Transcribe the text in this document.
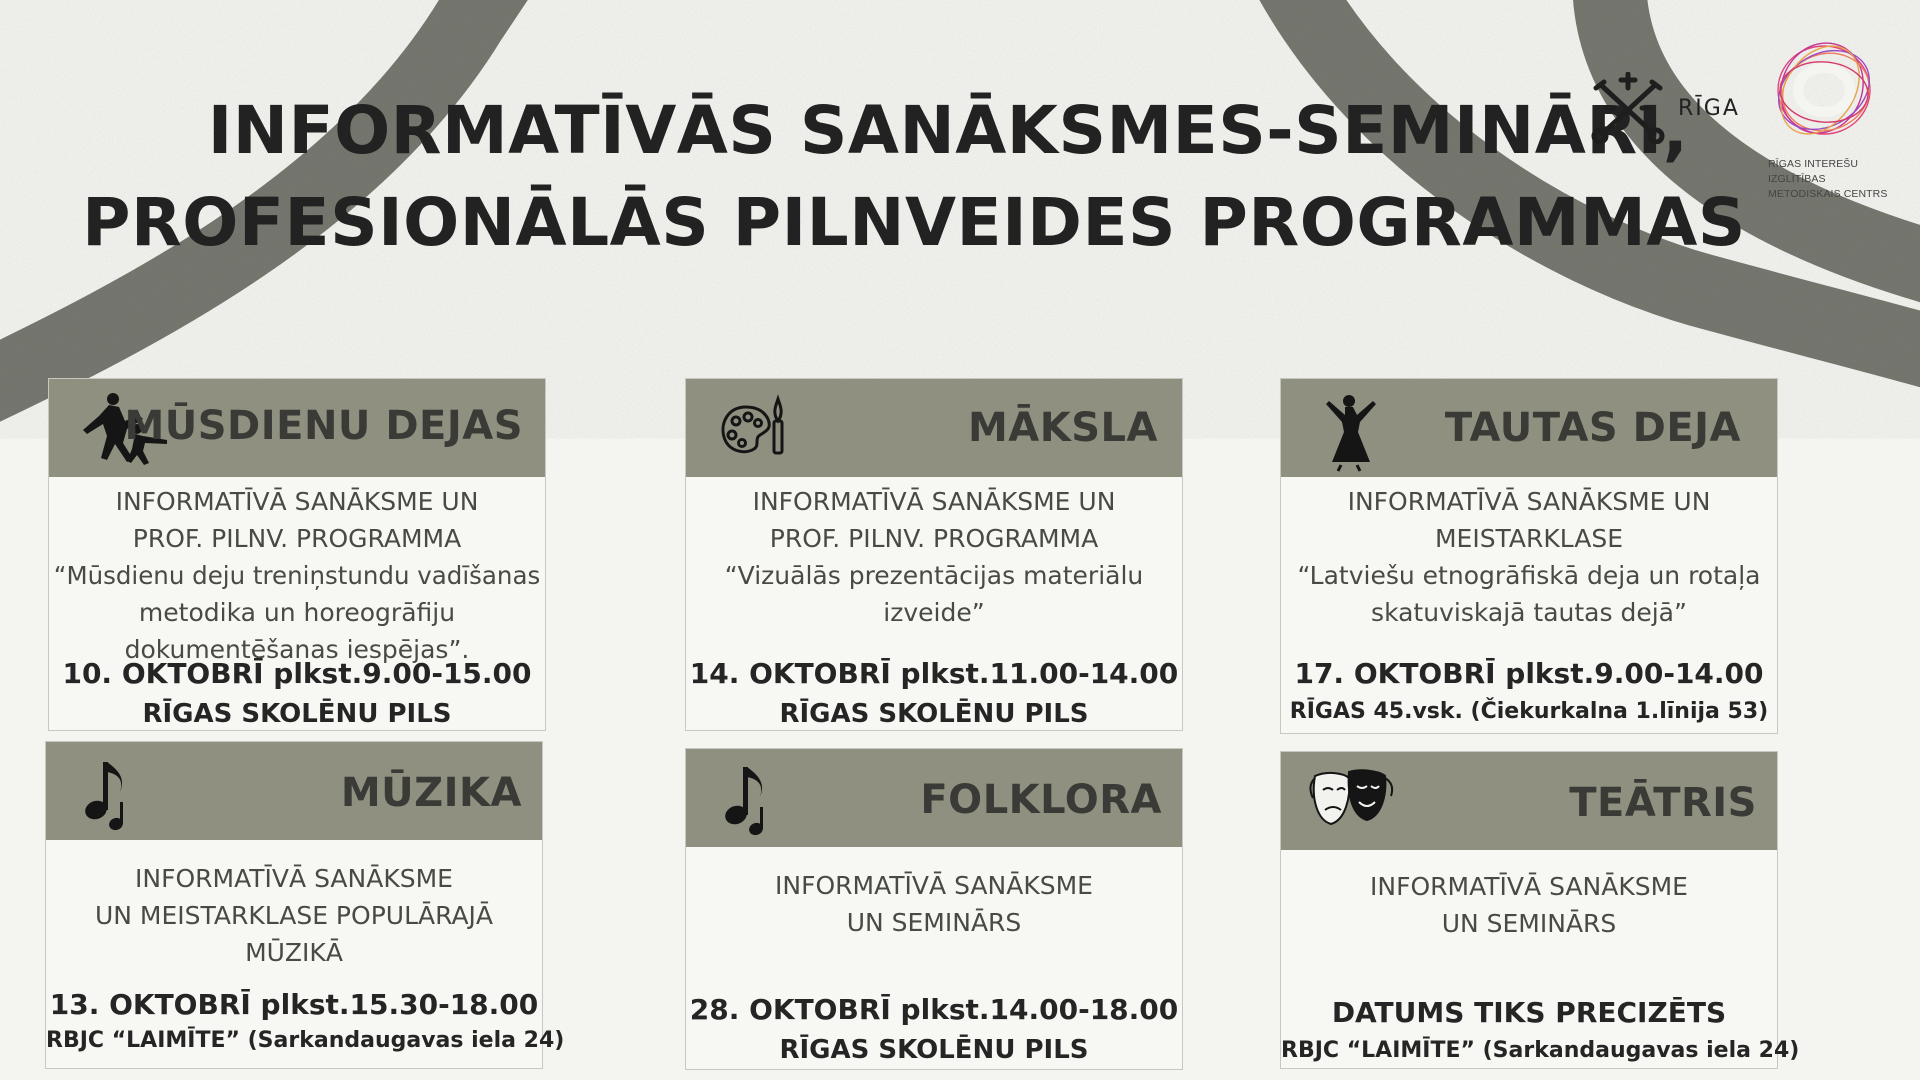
INFORMATĪVĀS SANĀKSMES-SEMINĀRI,
PROFESIONĀLĀS PILNVEIDES PROGRAMMAS
RĪGA
RĪGAS INTEREŠU IZGLĪTĪBAS
METODISKAIS CENTRS
MŪSDIENU DEJAS
INFORMATĪVĀ SANĀKSME UN
PROF. PILNV. PROGRAMMA
“Mūsdienu deju treniņstundu vadīšanas
metodika un horeogrāfiju
dokumentēšanas iespējas”.
10. OKTOBRĪ plkst.9.00-15.00
RĪGAS SKOLĒNU PILS
MĀKSLA
INFORMATĪVĀ SANĀKSME UN
PROF. PILNV. PROGRAMMA
“Vizuālās prezentācijas materiālu
izveide”
14. OKTOBRĪ plkst.11.00-14.00
RĪGAS SKOLĒNU PILS
TAUTAS DEJA
INFORMATĪVĀ SANĀKSME UN
MEISTARKLASE
“Latviešu etnogrāfiskā deja un rotaļa
skatuviskajā tautas dejā”
17. OKTOBRĪ plkst.9.00-14.00
RĪGAS 45.vsk. (Čiekurkalna 1.līnija 53)
MŪZIKA
INFORMATĪVĀ SANĀKSME
UN MEISTARKLASE POPULĀRAJĀ
MŪZIKĀ
13. OKTOBRĪ plkst.15.30-18.00
RBJC “LAIMĪTE” (Sarkandaugavas iela 24)
FOLKLORA
INFORMATĪVĀ SANĀKSME
UN SEMINĀRS
28. OKTOBRĪ plkst.14.00-18.00
RĪGAS SKOLĒNU PILS
TEĀTRIS
INFORMATĪVĀ SANĀKSME
UN SEMINĀRS
DATUMS TIKS PRECIZĒTS
RBJC “LAIMĪTE” (Sarkandaugavas iela 24)
